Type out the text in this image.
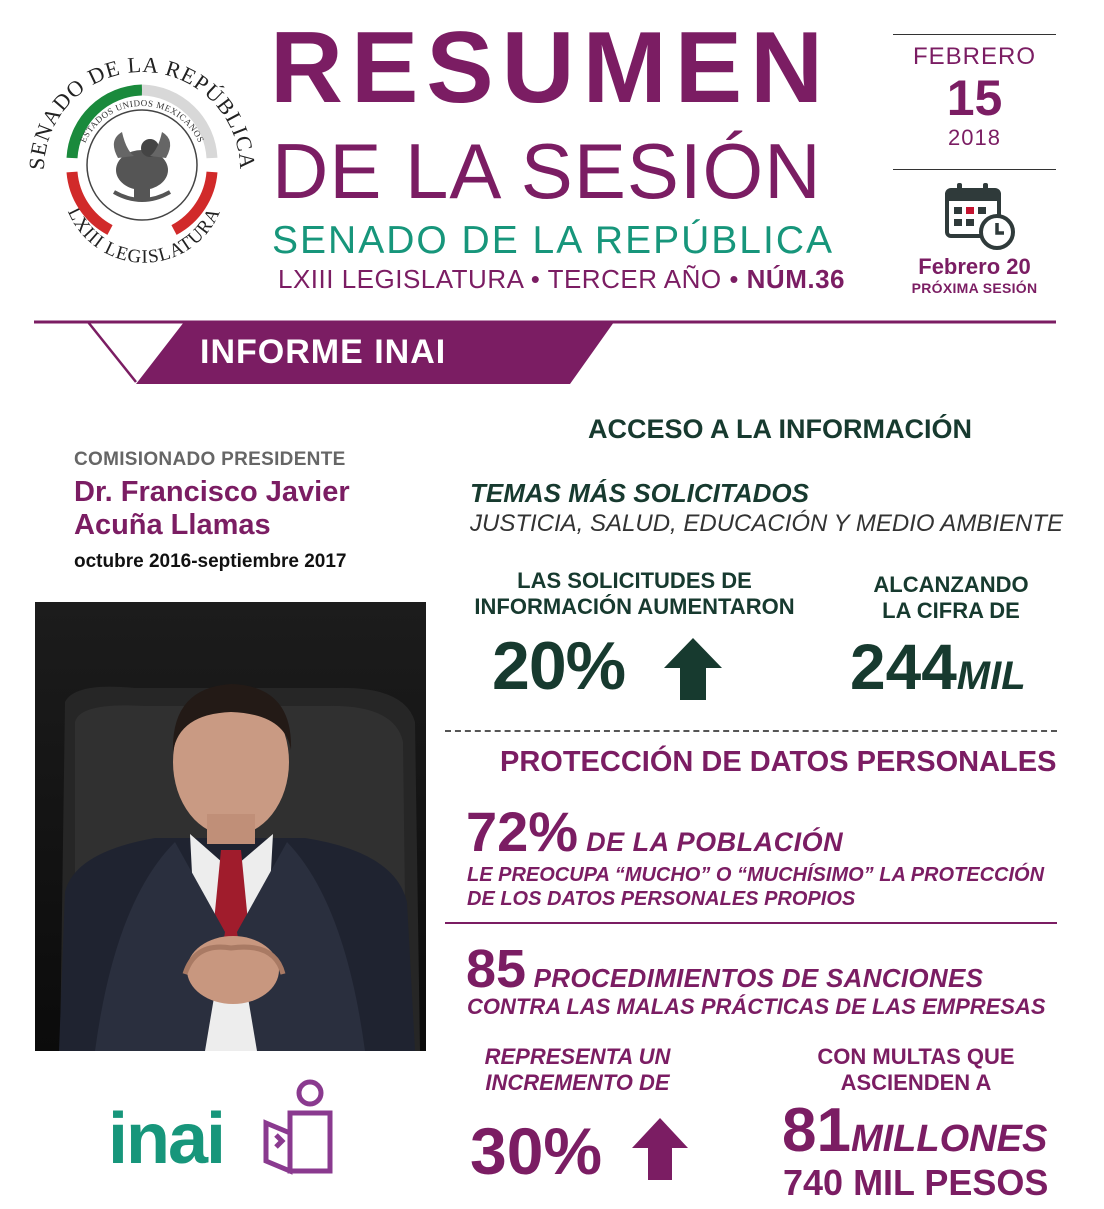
SENADO DE LA REPÚBLICA
LXIII LEGISLATURA
ESTADOS UNIDOS MEXICANOS
RESUMEN
DE LA SESIÓN
SENADO DE LA REPÚBLICA
LXIII LEGISLATURA • TERCER AÑO • NÚM.36
FEBRERO
15
2018
Febrero 20
PRÓXIMA SESIÓN
INFORME INAI
COMISIONADO PRESIDENTE
Dr. Francisco Javier
Acuña Llamas
octubre 2016-septiembre 2017
inai
ACCESO A LA INFORMACIÓN
TEMAS MÁS SOLICITADOS
JUSTICIA, SALUD, EDUCACIÓN Y MEDIO AMBIENTE
LAS SOLICITUDES DE
INFORMACIÓN AUMENTARON
20%
ALCANZANDO
LA CIFRA DE
244MIL
PROTECCIÓN DE DATOS PERSONALES
72% DE LA POBLACIÓN
LE PREOCUPA “MUCHO” O “MUCHÍSIMO” LA PROTECCIÓN
DE LOS DATOS PERSONALES PROPIOS
85 PROCEDIMIENTOS DE SANCIONES
CONTRA LAS MALAS PRÁCTICAS DE LAS EMPRESAS
REPRESENTA UN
INCREMENTO DE
30%
CON MULTAS QUE
ASCIENDEN A
81MILLONES
740 MIL PESOS
